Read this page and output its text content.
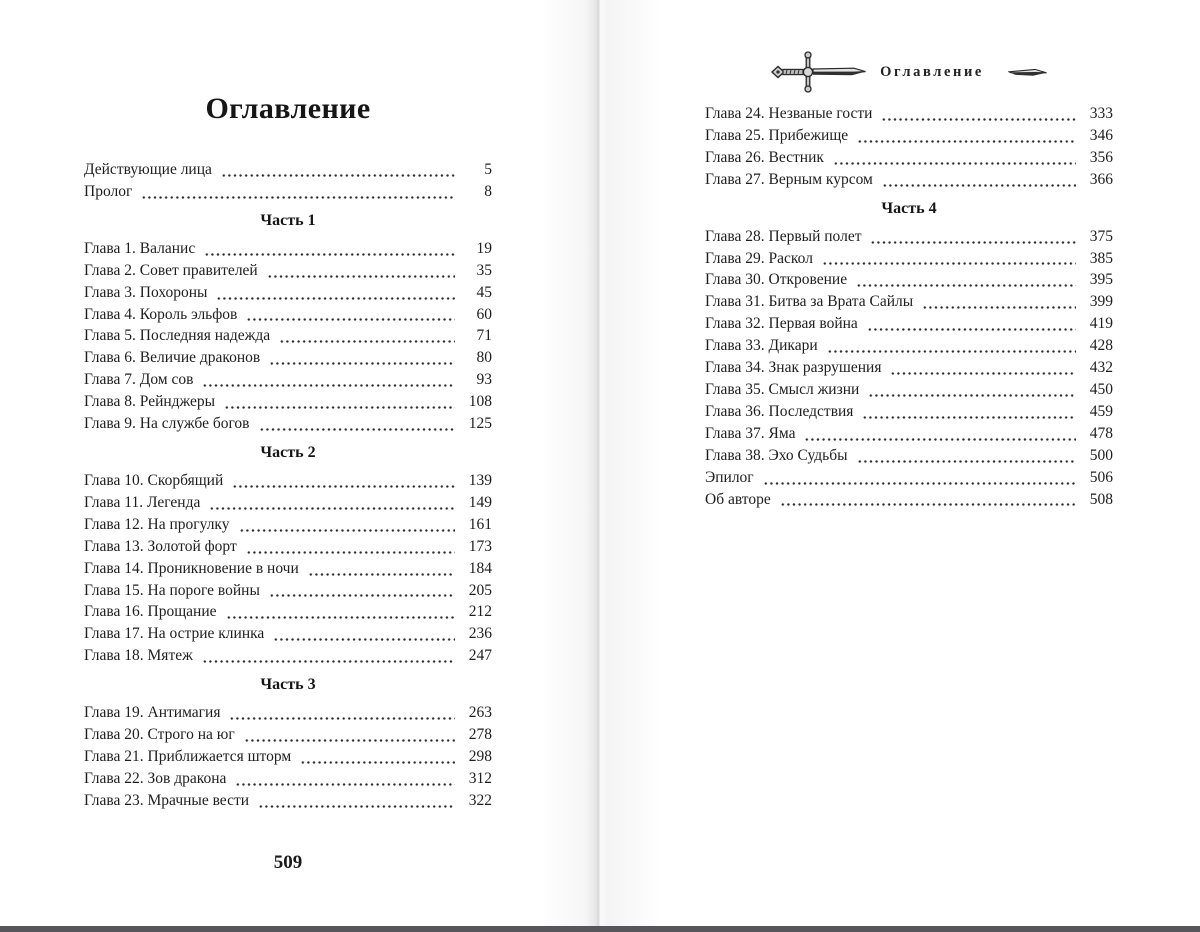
Оглавление
Действующие лица	5
Пролог	8
Часть 1
Глава 1. Валанис	19
Глава 2. Совет правителей	35
Глава 3. Похороны	45
Глава 4. Король эльфов	60
Глава 5. Последняя надежда	71
Глава 6. Величие драконов	80
Глава 7. Дом сов	93
Глава 8. Рейнджеры	108
Глава 9. На службе богов	125
Часть 2
Глава 10. Скорбящий	139
Глава 11. Легенда	149
Глава 12. На прогулку	161
Глава 13. Золотой форт	173
Глава 14. Проникновение в ночи	184
Глава 15. На пороге войны	205
Глава 16. Прощание	212
Глава 17. На острие клинка	236
Глава 18. Мятеж	247
Часть 3
Глава 19. Антимагия	263
Глава 20. Строго на юг	278
Глава 21. Приближается шторм	298
Глава 22. Зов дракона	312
Глава 23. Мрачные вести	322
509
Оглавление
Глава 24. Незваные гости	333
Глава 25. Прибежище	346
Глава 26. Вестник	356
Глава 27. Верным курсом	366
Часть 4
Глава 28. Первый полет	375
Глава 29. Раскол	385
Глава 30. Откровение	395
Глава 31. Битва за Врата Сайлы	399
Глава 32. Первая война	419
Глава 33. Дикари	428
Глава 34. Знак разрушения	432
Глава 35. Смысл жизни	450
Глава 36. Последствия	459
Глава 37. Яма	478
Глава 38. Эхо Судьбы	500
Эпилог	506
Об авторе	508
